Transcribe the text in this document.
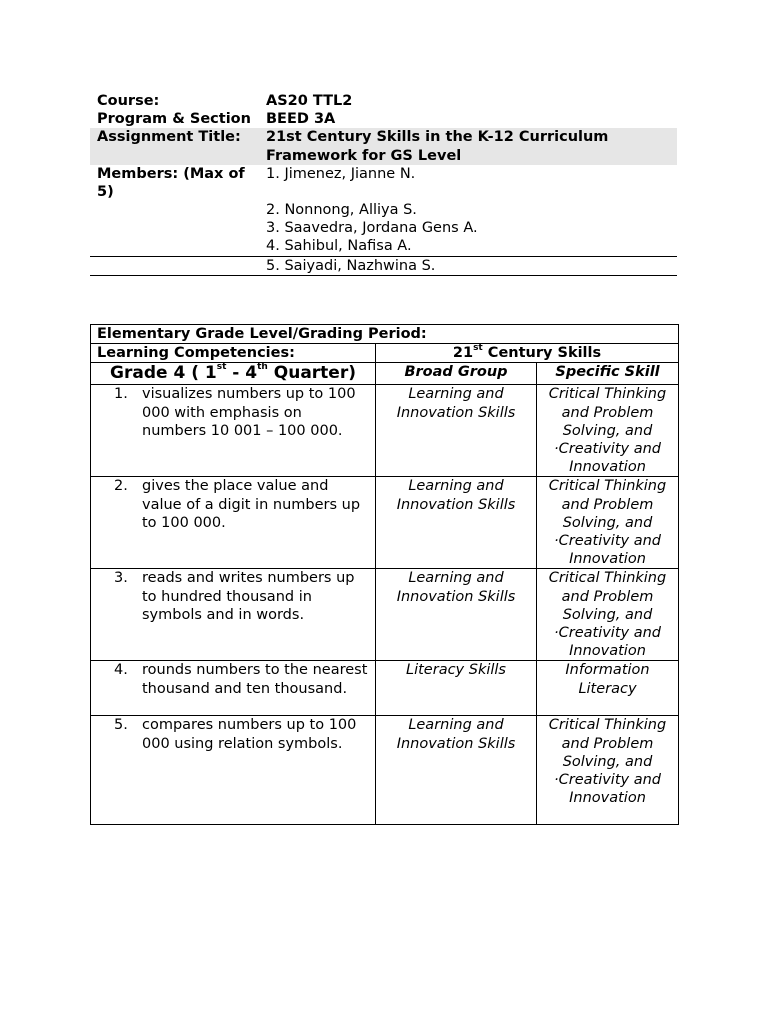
Course:	AS20 TTL2
Program & Section	BEED 3A
Assignment Title:	21st Century Skills in the K-12 Curriculum Framework for GS Level
Members: (Max of 5)	1. Jimenez, Jianne N.
	2. Nonnong, Alliya S.
	3. Saavedra, Jordana Gens A.
	4. Sahibul, Nafisa A.
	5. Saiyadi, Nazhwina S.
Elementary Grade Level/Grading Period:		
Learning Competencies:	21st Century Skills	
Grade 4 ( 1st - 4th Quarter)	Broad Group	Specific Skill

1. visualizes numbers up to 100 000 with emphasis on numbers 10 001 – 100 000.	Learning and Innovation Skills	Critical Thinking and Problem Solving, and ·Creativity and Innovation

2. gives the place value and value of a digit in numbers up to 100 000.	Learning and Innovation Skills	Critical Thinking and Problem Solving, and ·Creativity and Innovation

3. reads and writes numbers up to hundred thousand in symbols and in words.	Learning and Innovation Skills	Critical Thinking and Problem Solving, and ·Creativity and Innovation

4. rounds numbers to the nearest thousand and ten thousand.	Literacy Skills	Information Literacy

5. compares numbers up to 100 000 using relation symbols.	Learning and Innovation Skills	Critical Thinking and Problem Solving, and ·Creativity and Innovation
